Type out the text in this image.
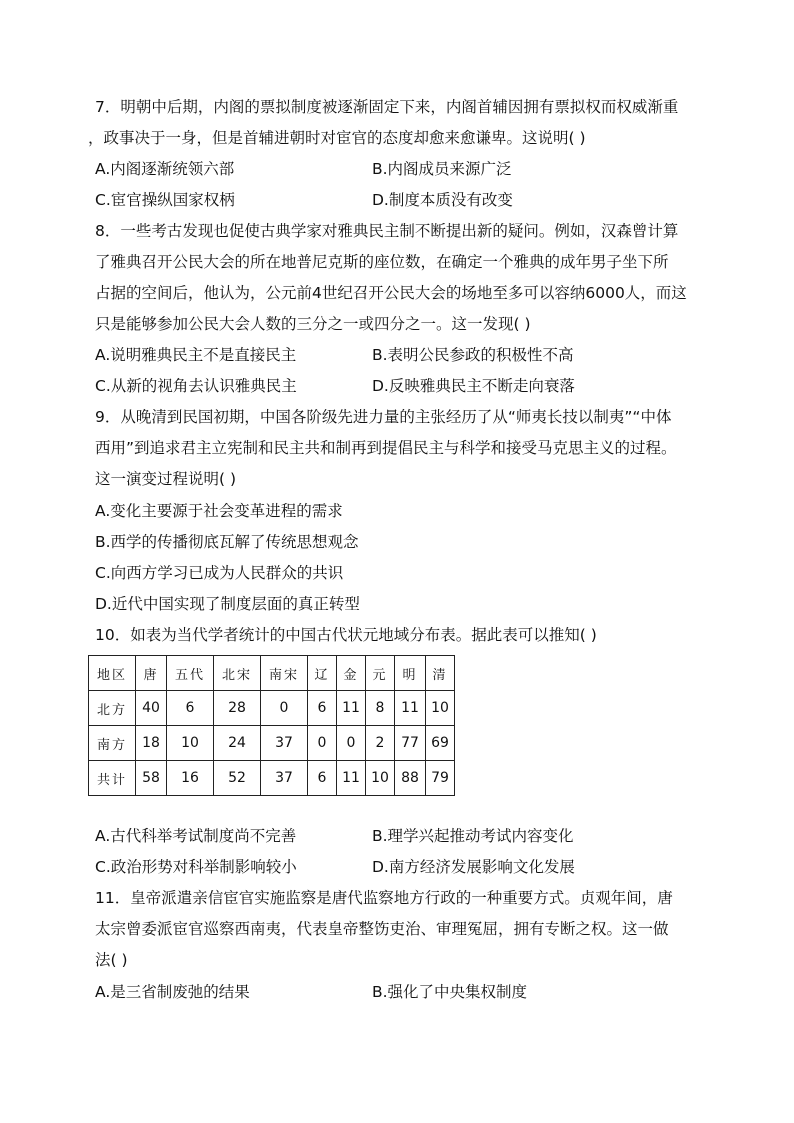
7．明朝中后期，内阁的票拟制度被逐渐固定下来，内阁首辅因拥有票拟权而权威渐重
，政事决于一身，但是首辅进朝时对宦官的态度却愈来愈谦卑。这说明( )
A.内阁逐渐统领六部	B.内阁成员来源广泛
C.宦官操纵国家权柄	D.制度本质没有改变
8．一些考古发现也促使古典学家对雅典民主制不断提出新的疑问。例如，汉森曾计算
了雅典召开公民大会的所在地普尼克斯的座位数，在确定一个雅典的成年男子坐下所
占据的空间后，他认为，公元前4世纪召开公民大会的场地至多可以容纳6000人，而这
只是能够参加公民大会人数的三分之一或四分之一。这一发现( )
A.说明雅典民主不是直接民主	B.表明公民参政的积极性不高
C.从新的视角去认识雅典民主	D.反映雅典民主不断走向衰落
9．从晚清到民国初期，中国各阶级先进力量的主张经历了从“师夷长技以制夷”“中体
西用”到追求君主立宪制和民主共和制再到提倡民主与科学和接受马克思主义的过程。
这一演变过程说明( )
A.变化主要源于社会变革进程的需求
B.西学的传播彻底瓦解了传统思想观念
C.向西方学习已成为人民群众的共识
D.近代中国实现了制度层面的真正转型
10．如表为当代学者统计的中国古代状元地域分布表。据此表可以推知( )
地区	唐	五代	北宋	南宋	辽	金	元	明	清
北方	40	6	28	0	6	11	8	11	10
南方	18	10	24	37	0	0	2	77	69
共计	58	16	52	37	6	11	10	88	79
A.古代科举考试制度尚不完善	B.理学兴起推动考试内容变化
C.政治形势对科举制影响较小	D.南方经济发展影响文化发展
11．皇帝派遣亲信宦官实施监察是唐代监察地方行政的一种重要方式。贞观年间，唐
太宗曾委派宦官巡察西南夷，代表皇帝整饬吏治、审理冤屈，拥有专断之权。这一做
法( )
A.是三省制废弛的结果	B.强化了中央集权制度
